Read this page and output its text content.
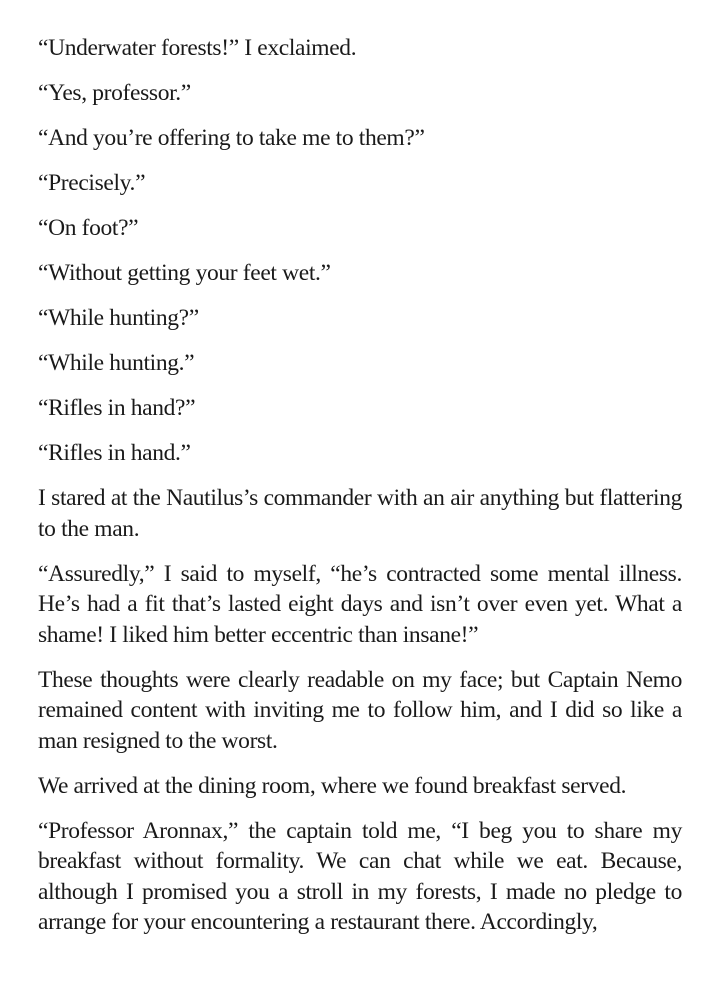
“Underwater forests!” I exclaimed.

“Yes, professor.”

“And you’re offering to take me to them?”

“Precisely.”

“On foot?”

“Without getting your feet wet.”

“While hunting?”

“While hunting.”

“Rifles in hand?”

“Rifles in hand.”

I stared at the Nautilus’s commander with an air anything but flattering to the man.

“Assuredly,” I said to myself, “he’s contracted some mental illness. He’s had a fit that’s lasted eight days and isn’t over even yet. What a shame! I liked him better eccentric than insane!”

These thoughts were clearly readable on my face; but Captain Nemo remained content with inviting me to follow him, and I did so like a man resigned to the worst.

We arrived at the dining room, where we found breakfast served.

“Professor Aronnax,” the captain told me, “I beg you to share my breakfast without formality. We can chat while we eat. Because, although I promised you a stroll in my forests, I made no pledge to arrange for your encountering a restaurant there. Accordingly,
